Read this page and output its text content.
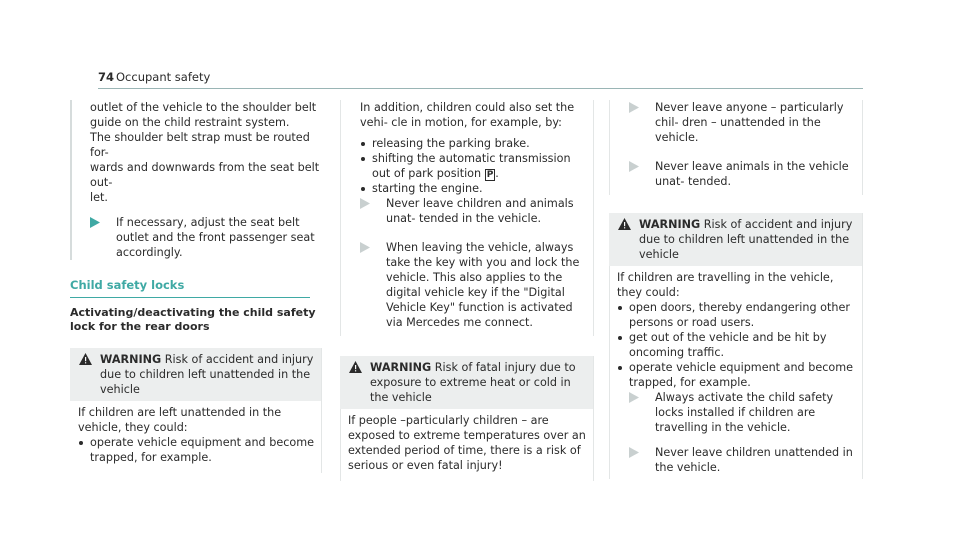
74 Occupant safety

outlet of the vehicle to the shoulder belt

guide on the child restraint system.

The shoulder belt strap must be routed for-

wards and downwards from the seat belt out-

let.

If necessary, adjust the seat belt outlet and the front passenger seat accordingly.

Child safety locks
Activating/deactivating the child safety lock for the rear doors
WARNING Risk of accident and injury due to children left unattended in the vehicle

If children are left unattended in the vehicle, they could:

operate vehicle equipment and become trapped, for example.

In addition, children could also set the vehi- cle in motion, for example, by:

releasing the parking brake.
shifting the automatic transmission out of park position P .
starting the engine.

Never leave children and animals unat- tended in the vehicle.

When leaving the vehicle, always take the key with you and lock the vehicle. This also applies to the digital vehicle key if the "Digital Vehicle Key" function is activated via Mercedes me connect.

WARNING Risk of fatal injury due to exposure to extreme heat or cold in the vehicle

If people –particularly children – are exposed to extreme temperatures over an extended period of time, there is a risk of serious or even fatal injury!

Never leave anyone – particularly chil- dren – unattended in the vehicle.

Never leave animals in the vehicle unat- tended.

WARNING Risk of accident and injury due to children left unattended in the vehicle

If children are travelling in the vehicle, they could:

open doors, thereby endangering other persons or road users.
get out of the vehicle and be hit by oncoming traffic.
operate vehicle equipment and become trapped, for example.

Always activate the child safety locks installed if children are travelling in the vehicle.

Never leave children unattended in the vehicle.
